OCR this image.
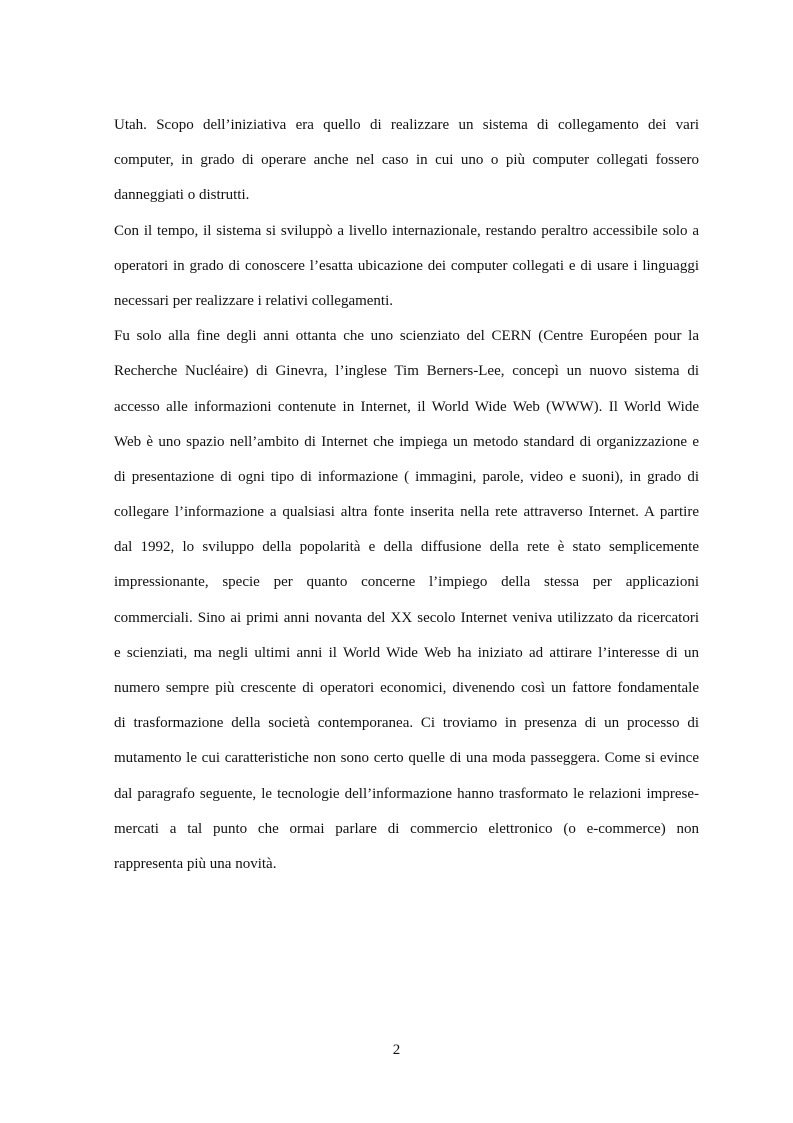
Utah. Scopo dell’iniziativa era quello di realizzare un sistema di collegamento dei vari
computer, in grado di operare anche nel caso in cui uno o più computer collegati fossero
danneggiati o distrutti.
Con il tempo, il sistema si sviluppò a livello internazionale, restando peraltro accessibile solo a
operatori in grado di conoscere l’esatta ubicazione dei computer collegati e di usare i linguaggi
necessari per realizzare i relativi collegamenti.
Fu solo alla fine degli anni ottanta che uno scienziato del CERN (Centre Européen pour la
Recherche Nucléaire) di Ginevra, l’inglese Tim Berners-Lee, concepì un nuovo sistema di
accesso alle informazioni contenute in Internet, il World Wide Web (WWW). Il World Wide
Web è uno spazio nell’ambito di Internet che impiega un metodo standard di organizzazione e
di presentazione di ogni tipo di informazione ( immagini, parole, video e suoni), in grado di
collegare l’informazione a qualsiasi altra fonte inserita nella rete attraverso Internet. A partire
dal 1992, lo sviluppo della popolarità e della diffusione della rete è stato semplicemente
impressionante, specie per quanto concerne l’impiego della stessa per applicazioni
commerciali. Sino ai primi anni novanta del XX secolo Internet veniva utilizzato da ricercatori
e scienziati, ma negli ultimi anni il World Wide Web ha iniziato ad attirare l’interesse di un
numero sempre più crescente di operatori economici, divenendo così un fattore fondamentale
di trasformazione della società contemporanea. Ci troviamo in presenza di un processo di
mutamento le cui caratteristiche non sono certo quelle di una moda passeggera. Come si evince
dal paragrafo seguente, le tecnologie dell’informazione hanno trasformato le relazioni imprese-
mercati a tal punto che ormai parlare di commercio elettronico (o e-commerce) non
rappresenta più una novità.
2
